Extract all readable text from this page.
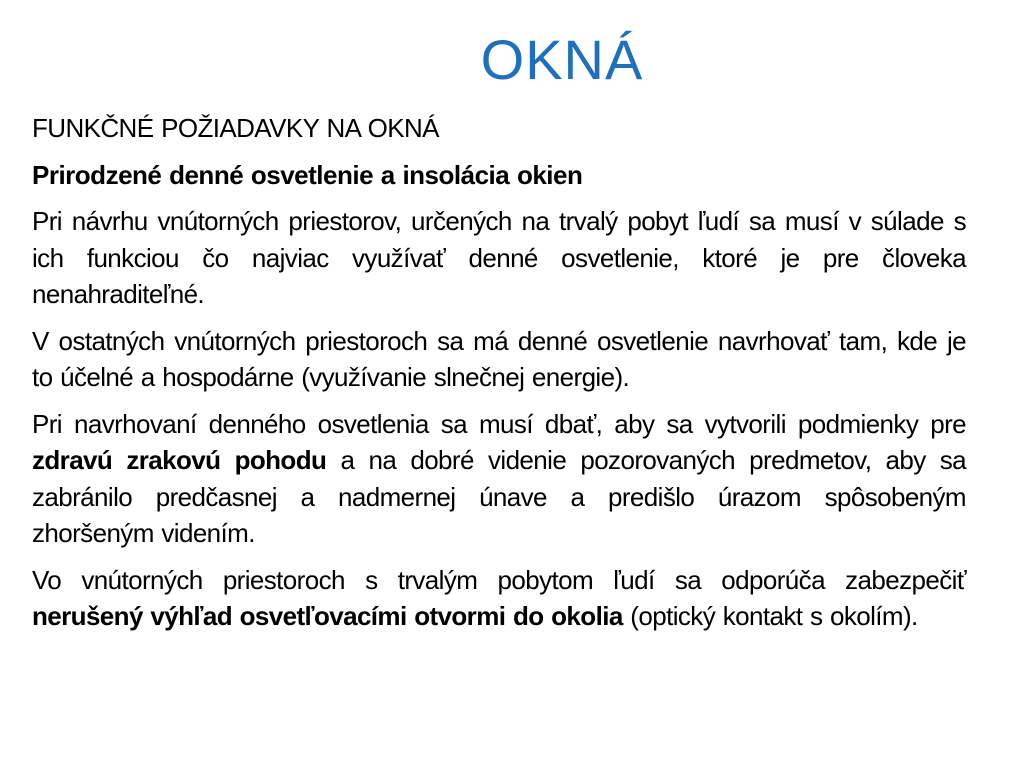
OKNÁ

FUNKČNÉ POŽIADAVKY NA OKNÁ

Prirodzené denné osvetlenie a insolácia okien

Pri návrhu vnútorných priestorov, určených na trvalý pobyt ľudí sa musí v súlade s ich funkciou čo najviac využívať denné osvetlenie, ktoré je pre človeka nenahraditeľné.

V ostatných vnútorných priestoroch sa má denné osvetlenie navrhovať tam, kde je to účelné a hospodárne (využívanie slnečnej energie).

Pri navrhovaní denného osvetlenia sa musí dbať, aby sa vytvorili podmienky pre zdravú zrakovú pohodu a na dobré videnie pozorovaných predmetov, aby sa zabránilo predčasnej a nadmernej únave a predišlo úrazom spôsobeným zhoršeným videním.

Vo vnútorných priestoroch s trvalým pobytom ľudí sa odporúča zabezpečiť nerušený výhľad osvetľovacími otvormi do okolia (optický kontakt s okolím).
